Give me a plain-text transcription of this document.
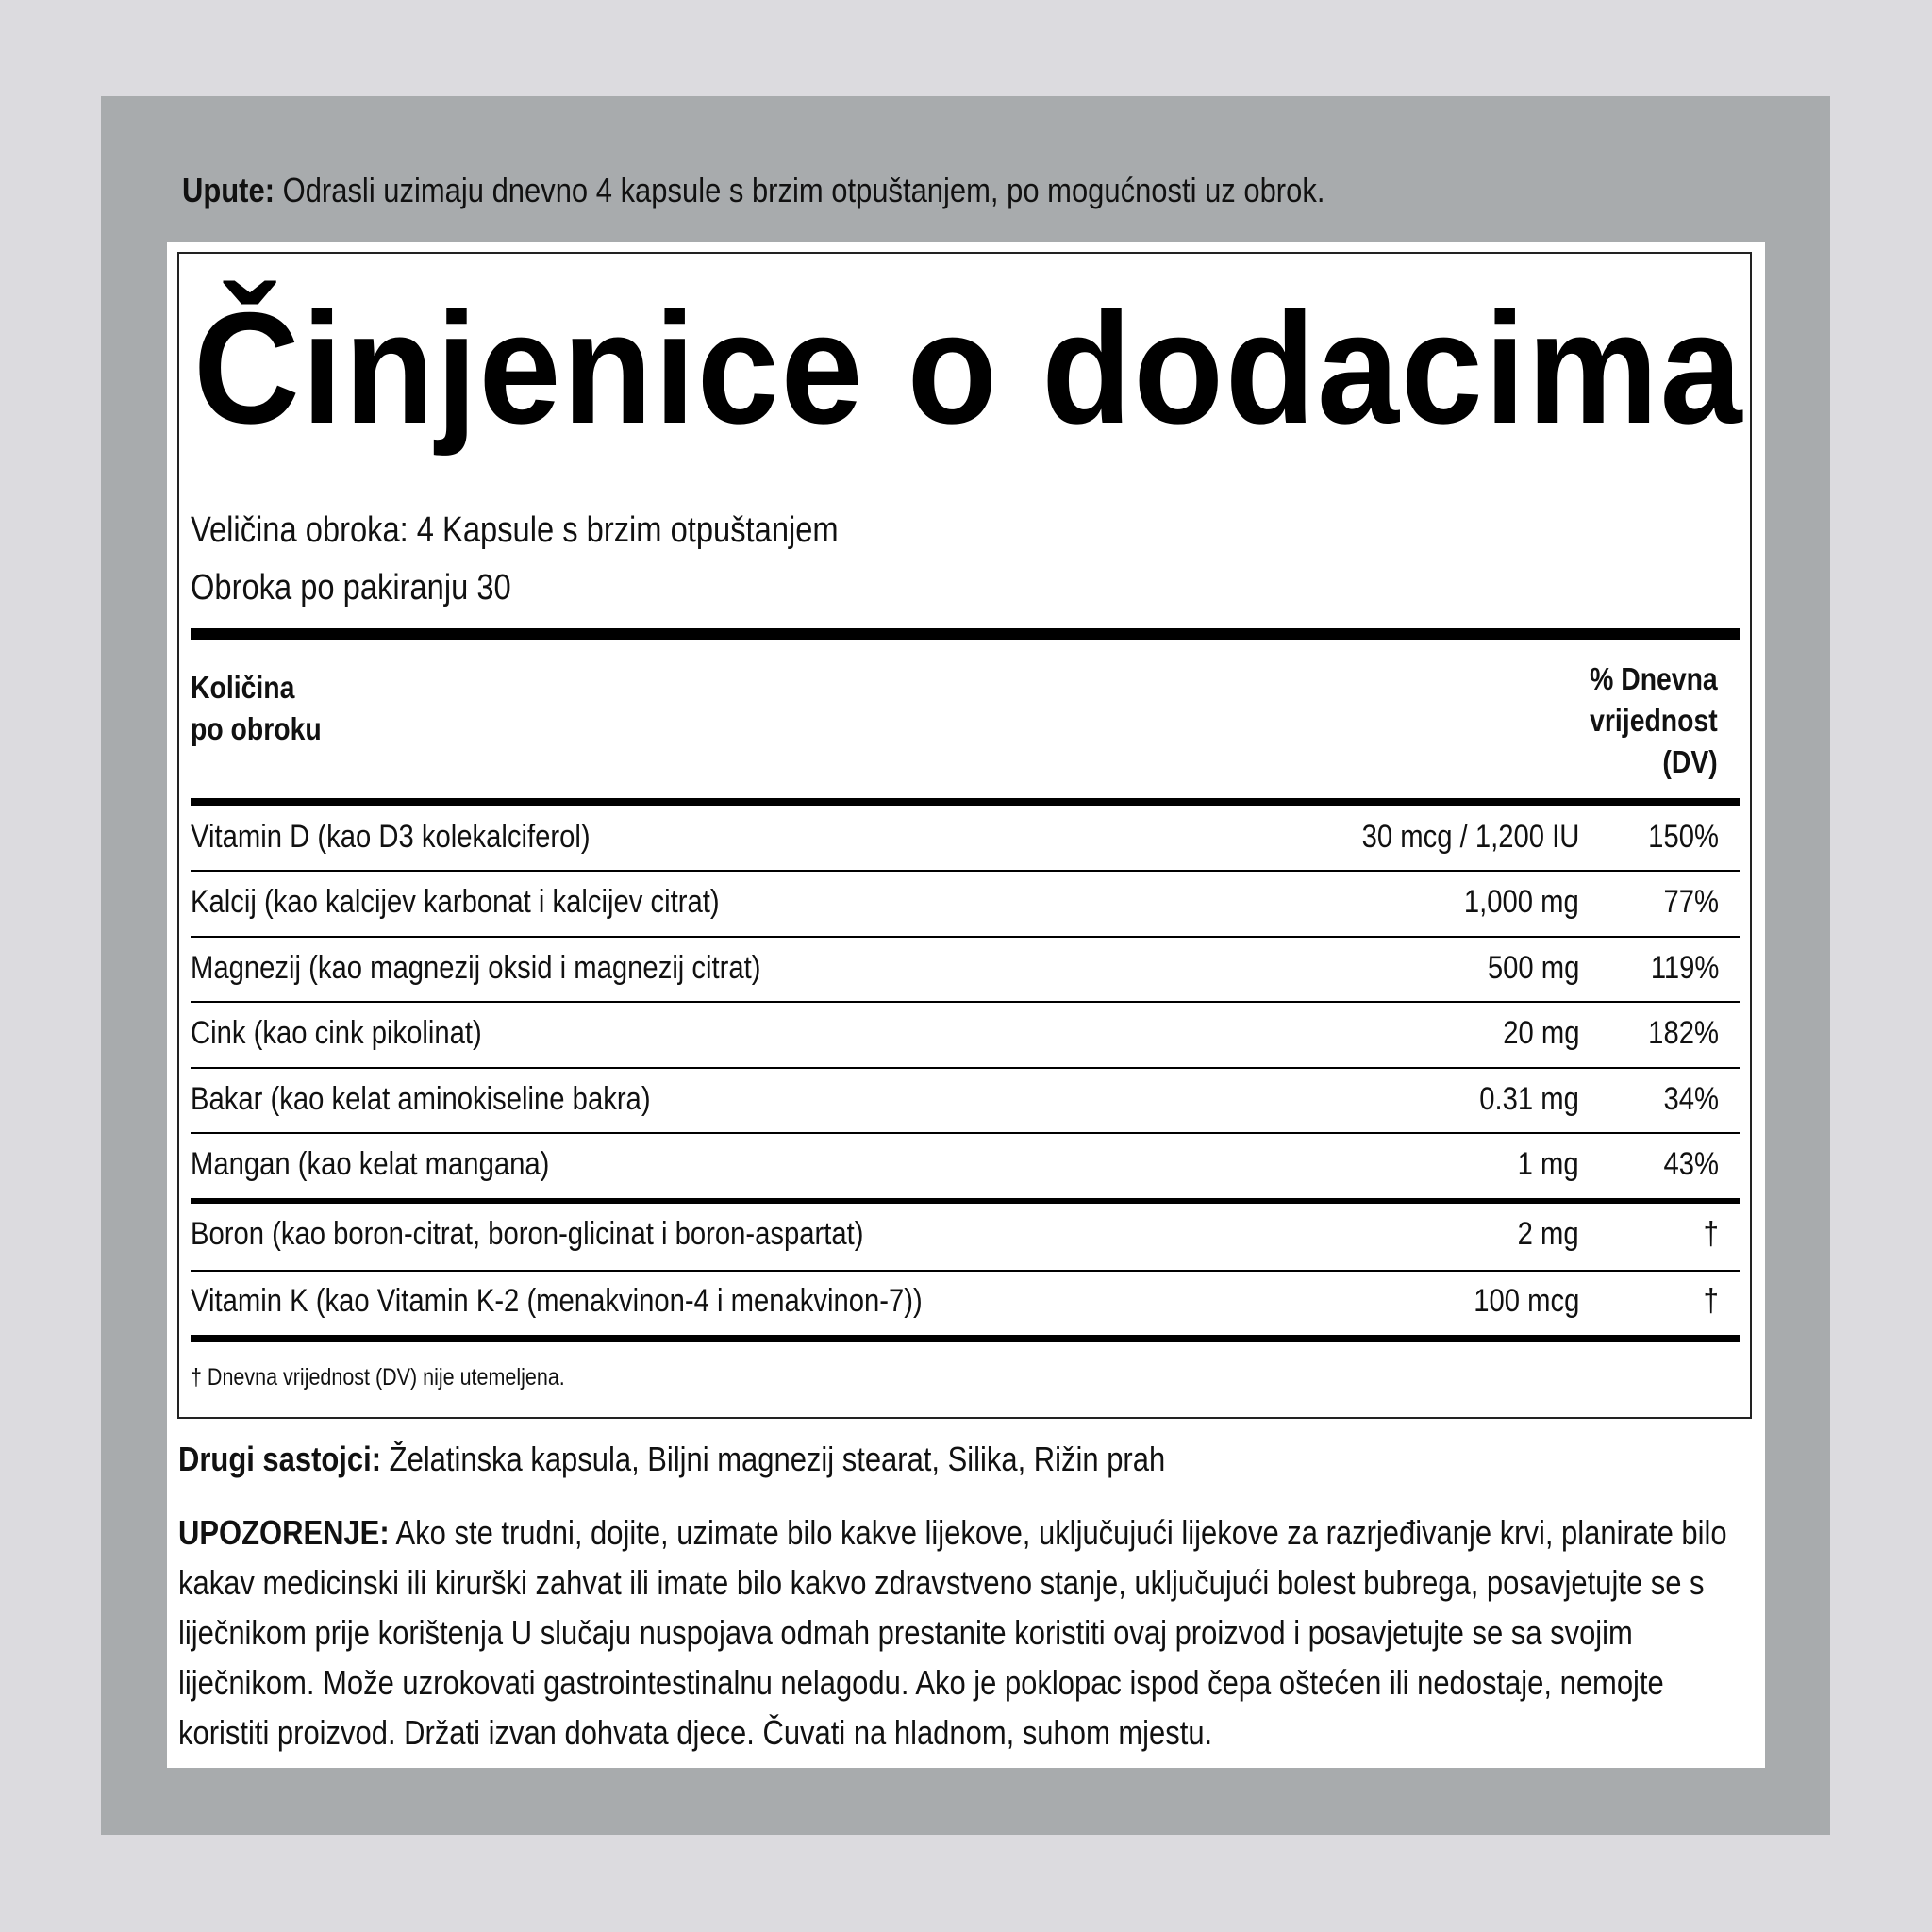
Upute: Odrasli uzimaju dnevno 4 kapsule s brzim otpuštanjem, po mogućnosti uz obrok.
Činjenice o dodacima
Veličina obroka: 4 Kapsule s brzim otpuštanjem
Obroka po pakiranju 30
Količina
po obroku
% Dnevna
vrijednost
(DV)
Vitamin D (kao D3 kolekalciferol)	30 mcg / 1,200 IU 150%
Kalcij (kao kalcijev karbonat i kalcijev citrat)	1,000 mg	77%
Magnezij (kao magnezij oksid i magnezij citrat)	500 mg 119%
Cink (kao cink pikolinat)	20 mg 182%
Bakar (kao kelat aminokiseline bakra)	0.31 mg	34%
Mangan (kao kelat mangana)	1 mg	43%
Boron (kao boron-citrat, boron-glicinat i boron-aspartat)	2 mg	†
Vitamin K (kao Vitamin K-2 (menakvinon-4 i menakvinon-7))	100 mcg	†
† Dnevna vrijednost (DV) nije utemeljena.
Drugi sastojci: Želatinska kapsula, Biljni magnezij stearat, Silika, Rižin prah
UPOZORENJE: Ako ste trudni, dojite, uzimate bilo kakve lijekove, uključujući lijekove za razrjeđivanje krvi, planirate bilo
kakav medicinski ili kirurški zahvat ili imate bilo kakvo zdravstveno stanje, uključujući bolest bubrega, posavjetujte se s
liječnikom prije korištenja U slučaju nuspojava odmah prestanite koristiti ovaj proizvod i posavjetujte se sa svojim
liječnikom. Može uzrokovati gastrointestinalnu nelagodu. Ako je poklopac ispod čepa oštećen ili nedostaje, nemojte
koristiti proizvod. Držati izvan dohvata djece. Čuvati na hladnom, suhom mjestu.
